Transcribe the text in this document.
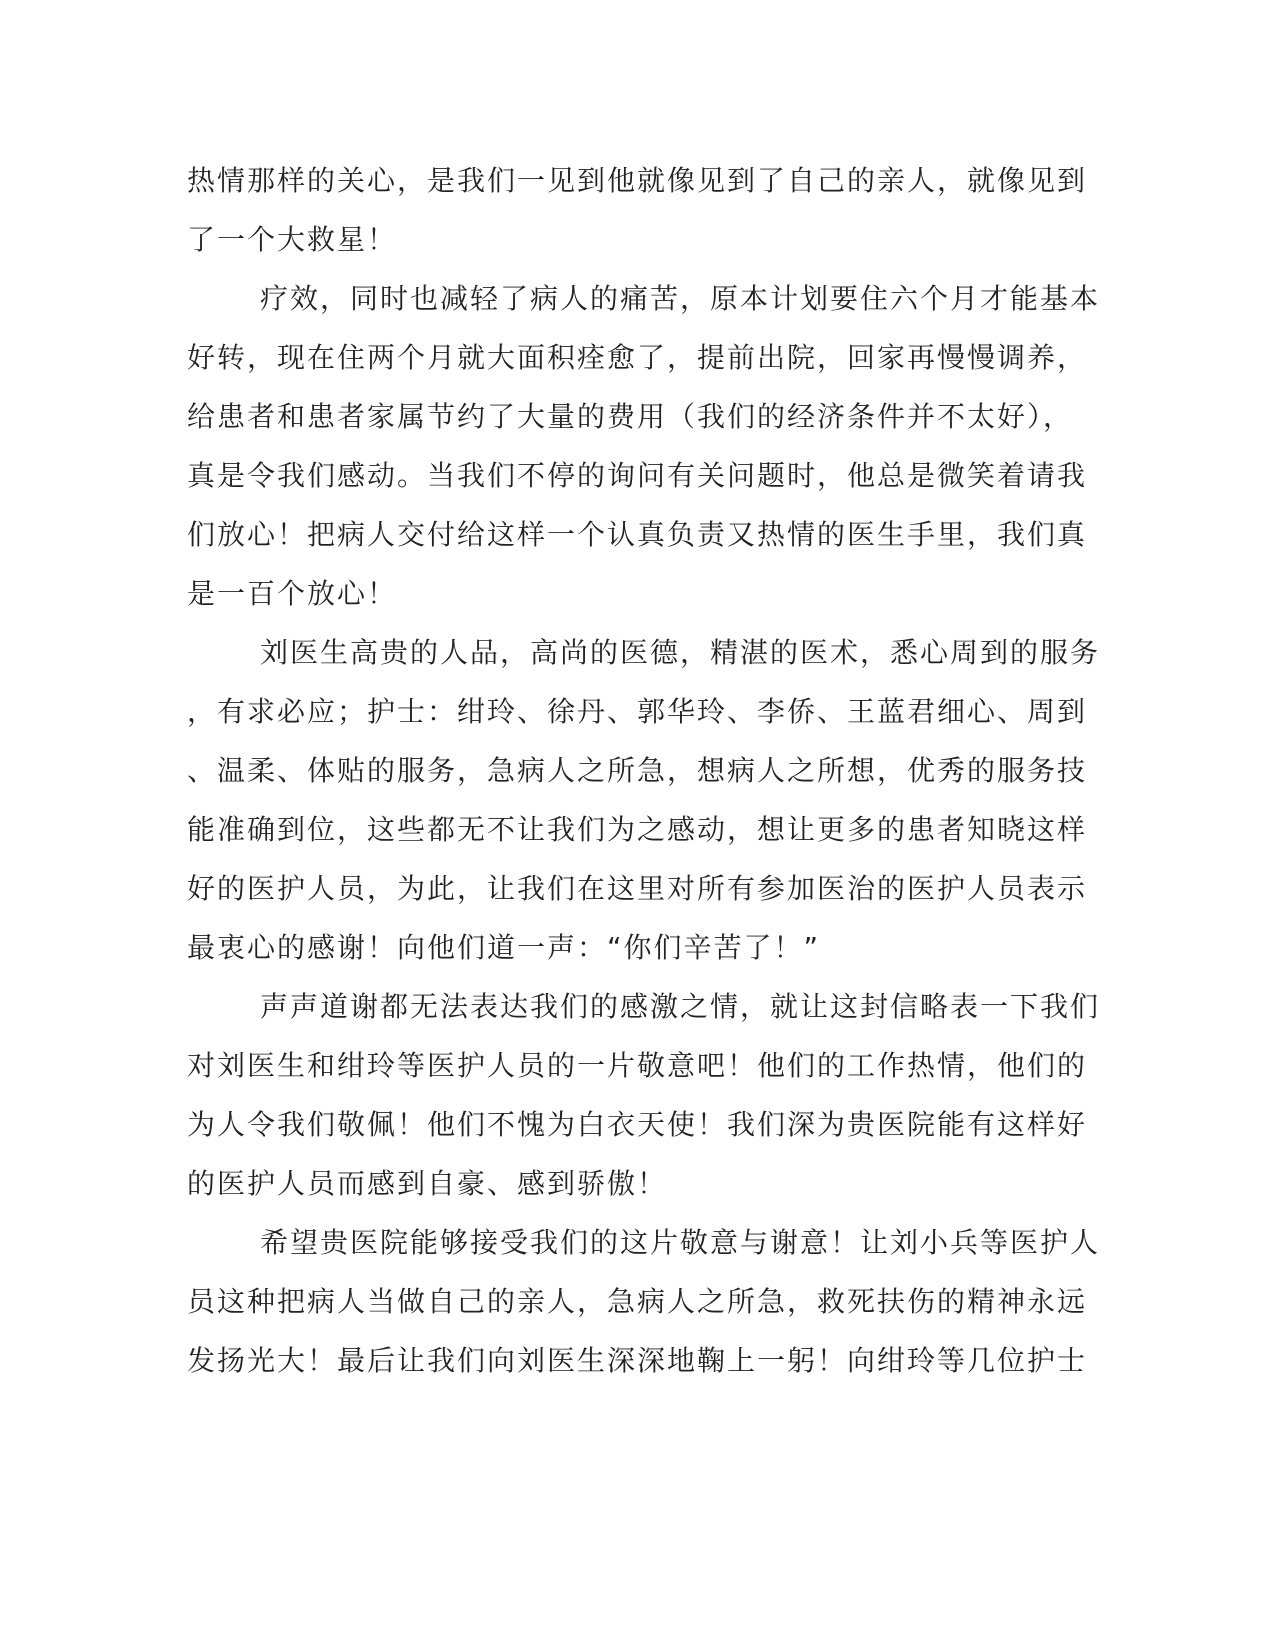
热情那样的关心，是我们一见到他就像见到了自己的亲人，就像见到
了一个大救星！
疗效，同时也减轻了病人的痛苦，原本计划要住六个月才能基本
好转，现在住两个月就大面积痊愈了，提前出院，回家再慢慢调养，
给患者和患者家属节约了大量的费用（我们的经济条件并不太好），
真是令我们感动。当我们不停的询问有关问题时，他总是微笑着请我
们放心！把病人交付给这样一个认真负责又热情的医生手里，我们真
是一百个放心！
刘医生高贵的人品，高尚的医德，精湛的医术，悉心周到的服务
，有求必应；护士：绀玲、徐丹、郭华玲、李侨、王蓝君细心、周到
、温柔、体贴的服务，急病人之所急，想病人之所想，优秀的服务技
能准确到位，这些都无不让我们为之感动，想让更多的患者知晓这样
好的医护人员，为此，让我们在这里对所有参加医治的医护人员表示
最衷心的感谢！向他们道一声：“你们辛苦了！”
声声道谢都无法表达我们的感激之情，就让这封信略表一下我们
对刘医生和绀玲等医护人员的一片敬意吧！他们的工作热情，他们的
为人令我们敬佩！他们不愧为白衣天使！我们深为贵医院能有这样好
的医护人员而感到自豪、感到骄傲！
希望贵医院能够接受我们的这片敬意与谢意！让刘小兵等医护人
员这种把病人当做自己的亲人，急病人之所急，救死扶伤的精神永远
发扬光大！最后让我们向刘医生深深地鞠上一躬！向绀玲等几位护士
